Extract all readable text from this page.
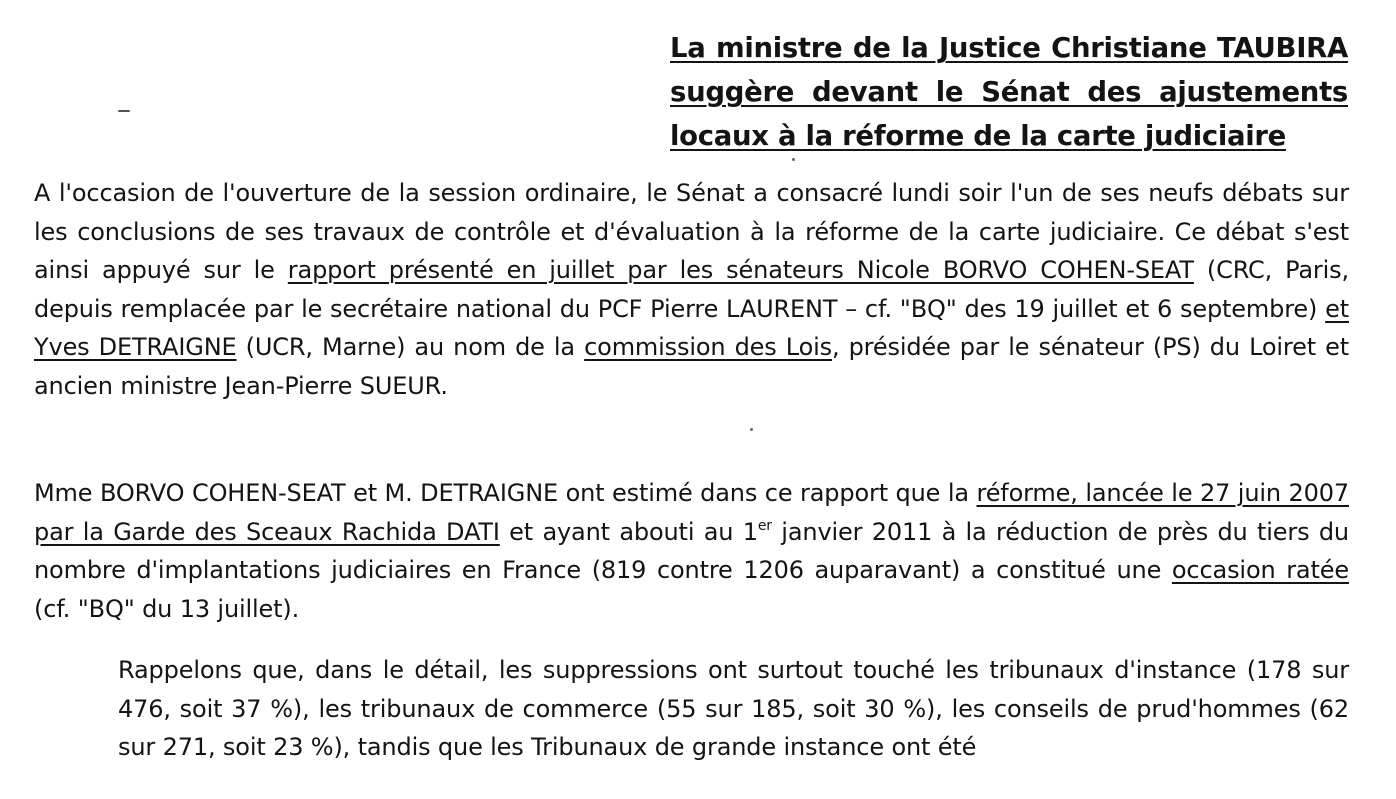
La ministre de la Justice Christiane TAUBIRA
suggère devant le Sénat des ajustements
locaux à la réforme de la carte judiciaire

A l'occasion de l'ouverture de la session ordinaire, le Sénat a consacré lundi soir l'un de ses neufs débats sur les conclusions de ses travaux de contrôle et d'évaluation à la réforme de la carte judiciaire. Ce débat s'est ainsi appuyé sur le rapport présenté en juillet par les sénateurs Nicole BORVO COHEN-SEAT (CRC, Paris, depuis remplacée par le secrétaire national du PCF Pierre LAURENT – cf. "BQ" des 19 juillet et 6 septembre) et Yves DETRAIGNE (UCR, Marne) au nom de la commission des Lois, présidée par le sénateur (PS) du Loiret et ancien ministre Jean-Pierre SUEUR.

Mme BORVO COHEN-SEAT et M. DETRAIGNE ont estimé dans ce rapport que la réforme, lancée le 27 juin 2007 par la Garde des Sceaux Rachida DATI et ayant abouti au 1er janvier 2011 à la réduction de près du tiers du nombre d'implantations judiciaires en France (819 contre 1206 auparavant) a constitué une occasion ratée (cf. "BQ" du 13 juillet).

Rappelons que, dans le détail, les suppressions ont surtout touché les tribunaux d'instance (178 sur 476, soit 37 %), les tribunaux de commerce (55 sur 185, soit 30 %), les conseils de prud'hommes (62 sur 271, soit 23 %), tandis que les Tribunaux de grande instance ont été
